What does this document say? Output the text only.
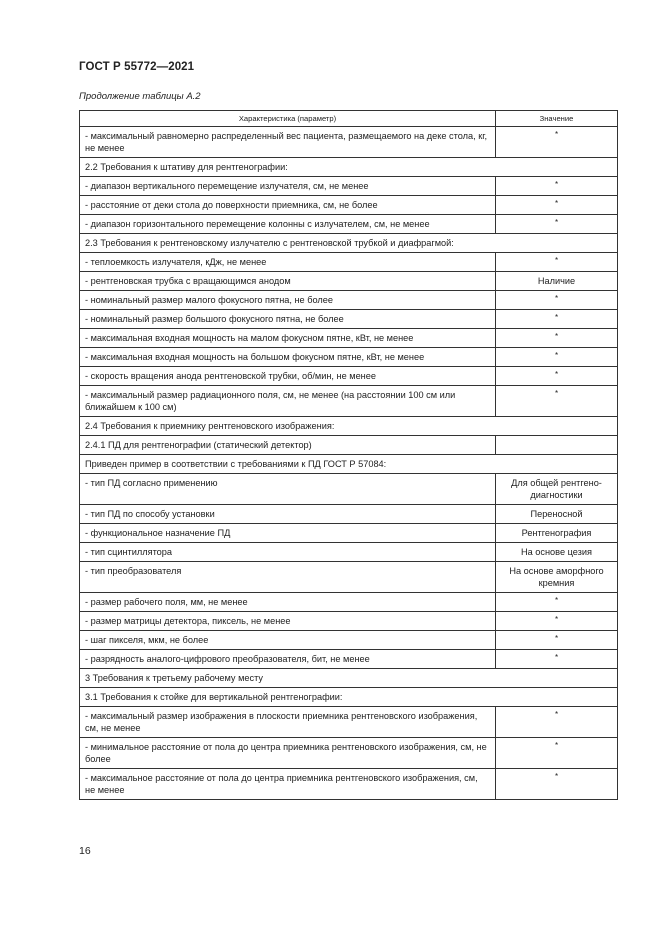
ГОСТ Р 55772—2021
Продолжение таблицы А.2
Характеристика (параметр)	Значение
- максимальный равномерно распределенный вес пациента, размещаемого на деке стола, кг, не менее	*
2.2 Требования к штативу для рентгенографии:	
- диапазон вертикального перемещение излучателя, см, не менее	*
- расстояние от деки стола до поверхности приемника, см, не более	*
- диапазон горизонтального перемещение колонны с излучателем, см, не менее	*
2.3 Требования к рентгеновскому излучателю с рентгеновской трубкой и диафрагмой:	
- теплоемкость излучателя, кДж, не менее	*
- рентгеновская трубка с вращающимся анодом	Наличие
- номинальный размер малого фокусного пятна, не более	*
- номинальный размер большого фокусного пятна, не более	*
- максимальная входная мощность на малом фокусном пятне, кВт, не менее	*
- максимальная входная мощность на большом фокусном пятне, кВт, не менее	*
- скорость вращения анода рентгеновской трубки, об/мин, не менее	*
- максимальный размер радиационного поля, см, не менее (на расстоянии 100 см или ближайшем к 100 см)	*
2.4 Требования к приемнику рентгеновского изображения:	
2.4.1 ПД для рентгенографии (статический детектор)	
Приведен пример в соответствии с требованиями к ПД ГОСТ Р 57084:	
- тип ПД согласно применению	Для общей рентгено-
диагностики
- тип ПД по способу установки	Переносной
- функциональное назначение ПД	Рентгенография
- тип сцинтиллятора	На основе цезия
- тип преобразователя	На основе аморфного
кремния
- размер рабочего поля, мм, не менее	*
- размер матрицы детектора, пиксель, не менее	*
- шаг пикселя, мкм, не более	*
- разрядность аналого-цифрового преобразователя, бит, не менее	*
3 Требования к третьему рабочему месту	
3.1 Требования к стойке для вертикальной рентгенографии:	
- максимальный размер изображения в плоскости приемника рентгеновского изображения, см, не менее	*
- минимальное расстояние от пола до центра приемника рентгеновского изображения, см, не более	*
- максимальное расстояние от пола до центра приемника рентгеновского изображения, см, не менее	*
16
